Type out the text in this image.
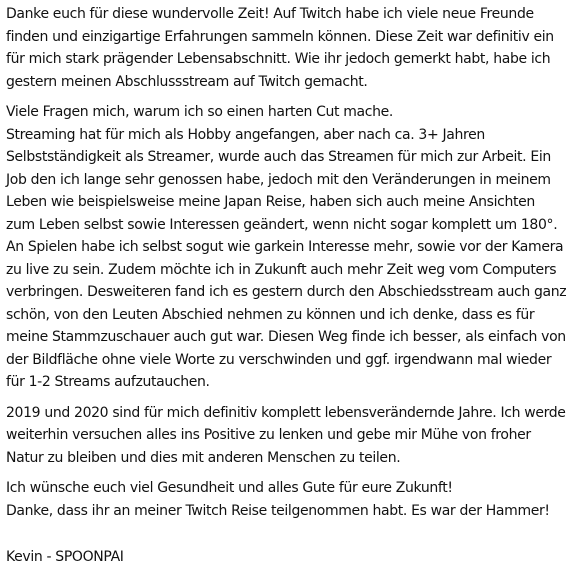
Danke euch für diese wundervolle Zeit! Auf Twitch habe ich viele neue Freunde
finden und einzigartige Erfahrungen sammeln können. Diese Zeit war definitiv ein
für mich stark prägender Lebensabschnitt. Wie ihr jedoch gemerkt habt, habe ich
gestern meinen Abschlussstream auf Twitch gemacht.
Viele Fragen mich, warum ich so einen harten Cut mache.
Streaming hat für mich als Hobby angefangen, aber nach ca. 3+ Jahren
Selbstständigkeit als Streamer, wurde auch das Streamen für mich zur Arbeit. Ein
Job den ich lange sehr genossen habe, jedoch mit den Veränderungen in meinem
Leben wie beispielsweise meine Japan Reise, haben sich auch meine Ansichten
zum Leben selbst sowie Interessen geändert, wenn nicht sogar komplett um 180°.
An Spielen habe ich selbst sogut wie garkein Interesse mehr, sowie vor der Kamera
zu live zu sein. Zudem möchte ich in Zukunft auch mehr Zeit weg vom Computers
verbringen. Desweiteren fand ich es gestern durch den Abschiedsstream auch ganz
schön, von den Leuten Abschied nehmen zu können und ich denke, dass es für
meine Stammzuschauer auch gut war. Diesen Weg finde ich besser, als einfach von
der Bildfläche ohne viele Worte zu verschwinden und ggf. irgendwann mal wieder
für 1-2 Streams aufzutauchen.
2019 und 2020 sind für mich definitiv komplett lebensverändernde Jahre. Ich werde
weiterhin versuchen alles ins Positive zu lenken und gebe mir Mühe von froher
Natur zu bleiben und dies mit anderen Menschen zu teilen.
Ich wünsche euch viel Gesundheit und alles Gute für eure Zukunft!
Danke, dass ihr an meiner Twitch Reise teilgenommen habt. Es war der Hammer!
Kevin - SPOONPAI
